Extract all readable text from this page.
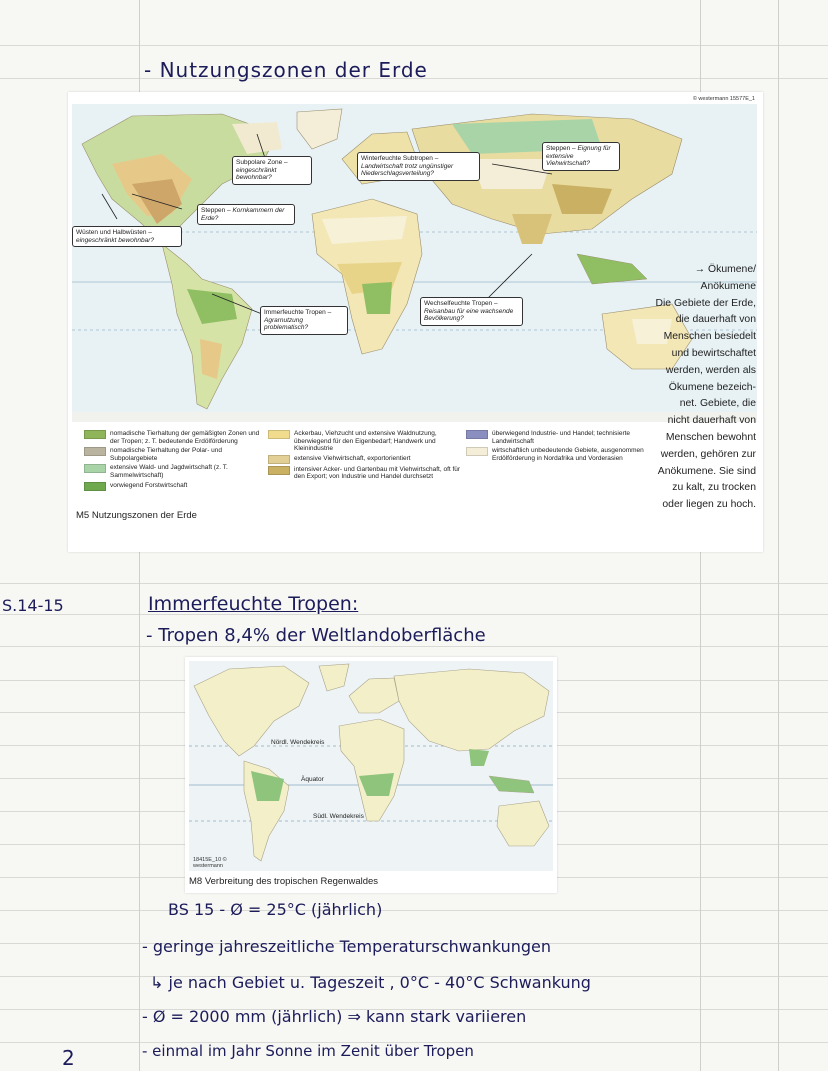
- Nutzungszonen der Erde
© westermann 15577E_1
Subpolare Zone – eingeschränkt bewohnbar?
Winterfeuchte Subtropen – Landwirtschaft trotz ungünstiger Niederschlagsverteilung?
Steppen – Eignung für extensive Viehwirtschaft?
Steppen – Kornkammern der Erde?
Wüsten und Halbwüsten – eingeschränkt bewohnbar?
Immerfeuchte Tropen – Agrarnutzung problematisch?
Wechselfeuchte Tropen – Reisanbau für eine wachsende Bevölkerung?
nomadische Tierhaltung der gemäßigten Zonen und der Tropen; z. T. bedeutende Erdölförderung
nomadische Tierhaltung der Polar- und Subpolargebiete
extensive Wald- und Jagdwirtschaft (z. T. Sammelwirtschaft)
vorwiegend Forstwirtschaft
Ackerbau, Viehzucht und extensive Waldnutzung, überwiegend für den Eigenbedarf; Handwerk und Kleinindustrie
extensive Viehwirtschaft, exportorientiert
intensiver Acker- und Gartenbau mit Viehwirtschaft, oft für den Export; von Industrie und Handel durchsetzt
überwiegend Industrie- und Handel; technisierte Landwirtschaft
wirtschaftlich unbedeutende Gebiete, ausgenommen Erdölförderung in Nordafrika und Vorderasien
M5 Nutzungszonen der Erde
→ Ökumene/ Anökumene
Die Gebiete der Erde,
die dauerhaft von
Menschen besiedelt
und bewirtschaftet
werden, werden als
Ökumene bezeich-
net. Gebiete, die
nicht dauerhaft von
Menschen bewohnt
werden, gehören zur
Anökumene. Sie sind
zu kalt, zu trocken
oder liegen zu hoch.
S.14-15	Immerfeuchte Tropen:
- Tropen 8,4% der Weltlandoberfläche
Nördl. Wendekreis
Äquator
Südl. Wendekreis
18415E_10 © westermann
M8 Verbreitung des tropischen Regenwaldes
BS 15 - Ø = 25°C (jährlich)
- geringe jahreszeitliche Temperaturschwankungen
↳ je nach Gebiet u. Tageszeit , 0°C - 40°C Schwankung
- Ø = 2000 mm (jährlich) ⇒ kann stark variieren
- einmal im Jahr Sonne im Zenit über Tropen
2
